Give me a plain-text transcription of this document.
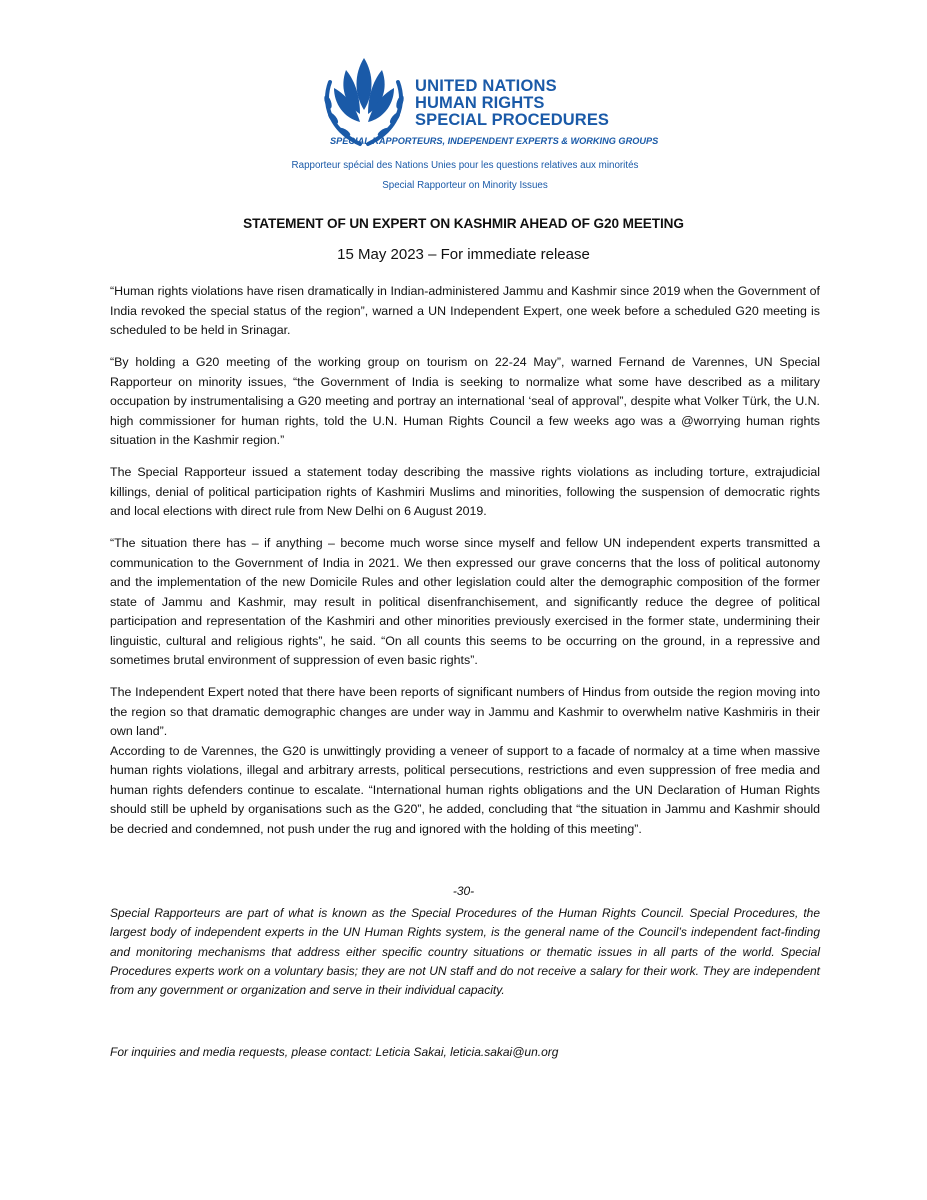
UNITED NATIONS
HUMAN RIGHTS
SPECIAL PROCEDURES
SPECIAL RAPPORTEURS, INDEPENDENT EXPERTS & WORKING GROUPS
Rapporteur spécial des Nations Unies pour les questions relatives aux minorités
Special Rapporteur on Minority Issues
STATEMENT OF UN EXPERT ON KASHMIR AHEAD OF G20 MEETING
15 May 2023 – For immediate release

“Human rights violations have risen dramatically in Indian-administered Jammu and Kashmir since 2019 when the Government of India revoked the special status of the region”, warned a UN Independent Expert, one week before a scheduled G20 meeting is scheduled to be held in Srinagar.

“By holding a G20 meeting of the working group on tourism on 22-24 May”, warned Fernand de Varennes, UN Special Rapporteur on minority issues, “the Government of India is seeking to normalize what some have described as a military occupation by instrumentalising a G20 meeting and portray an international ‘seal of approval”, despite what Volker Türk, the U.N. high commissioner for human rights, told the U.N. Human Rights Council a few weeks ago was a @worrying human rights situation in the Kashmir region.”

The Special Rapporteur issued a statement today describing the massive rights violations as including torture, extrajudicial killings, denial of political participation rights of Kashmiri Muslims and minorities, following the suspension of democratic rights and local elections with direct rule from New Delhi on 6 August 2019.

“The situation there has – if anything – become much worse since myself and fellow UN independent experts transmitted a communication to the Government of India in 2021. We then expressed our grave concerns that the loss of political autonomy and the implementation of the new Domicile Rules and other legislation could alter the demographic composition of the former state of Jammu and Kashmir, may result in political disenfranchisement, and significantly reduce the degree of political participation and representation of the Kashmiri and other minorities previously exercised in the former state, undermining their linguistic, cultural and religious rights”, he said. “On all counts this seems to be occurring on the ground, in a repressive and sometimes brutal environment of suppression of even basic rights”.

The Independent Expert noted that there have been reports of significant numbers of Hindus from outside the region moving into the region so that dramatic demographic changes are under way in Jammu and Kashmir to overwhelm native Kashmiris in their own land”.

According to de Varennes, the G20 is unwittingly providing a veneer of support to a facade of normalcy at a time when massive human rights violations, illegal and arbitrary arrests, political persecutions, restrictions and even suppression of free media and human rights defenders continue to escalate. “International human rights obligations and the UN Declaration of Human Rights should still be upheld by organisations such as the G20”, he added, concluding that “the situation in Jammu and Kashmir should be decried and condemned, not push under the rug and ignored with the holding of this meeting”.

-30-
Special Rapporteurs are part of what is known as the Special Procedures of the Human Rights Council. Special Procedures, the largest body of independent experts in the UN Human Rights system, is the general name of the Council’s independent fact-finding and monitoring mechanisms that address either specific country situations or thematic issues in all parts of the world. Special Procedures experts work on a voluntary basis; they are not UN staff and do not receive a salary for their work. They are independent from any government or organization and serve in their individual capacity.
For inquiries and media requests, please contact: Leticia Sakai, leticia.sakai@un.org
